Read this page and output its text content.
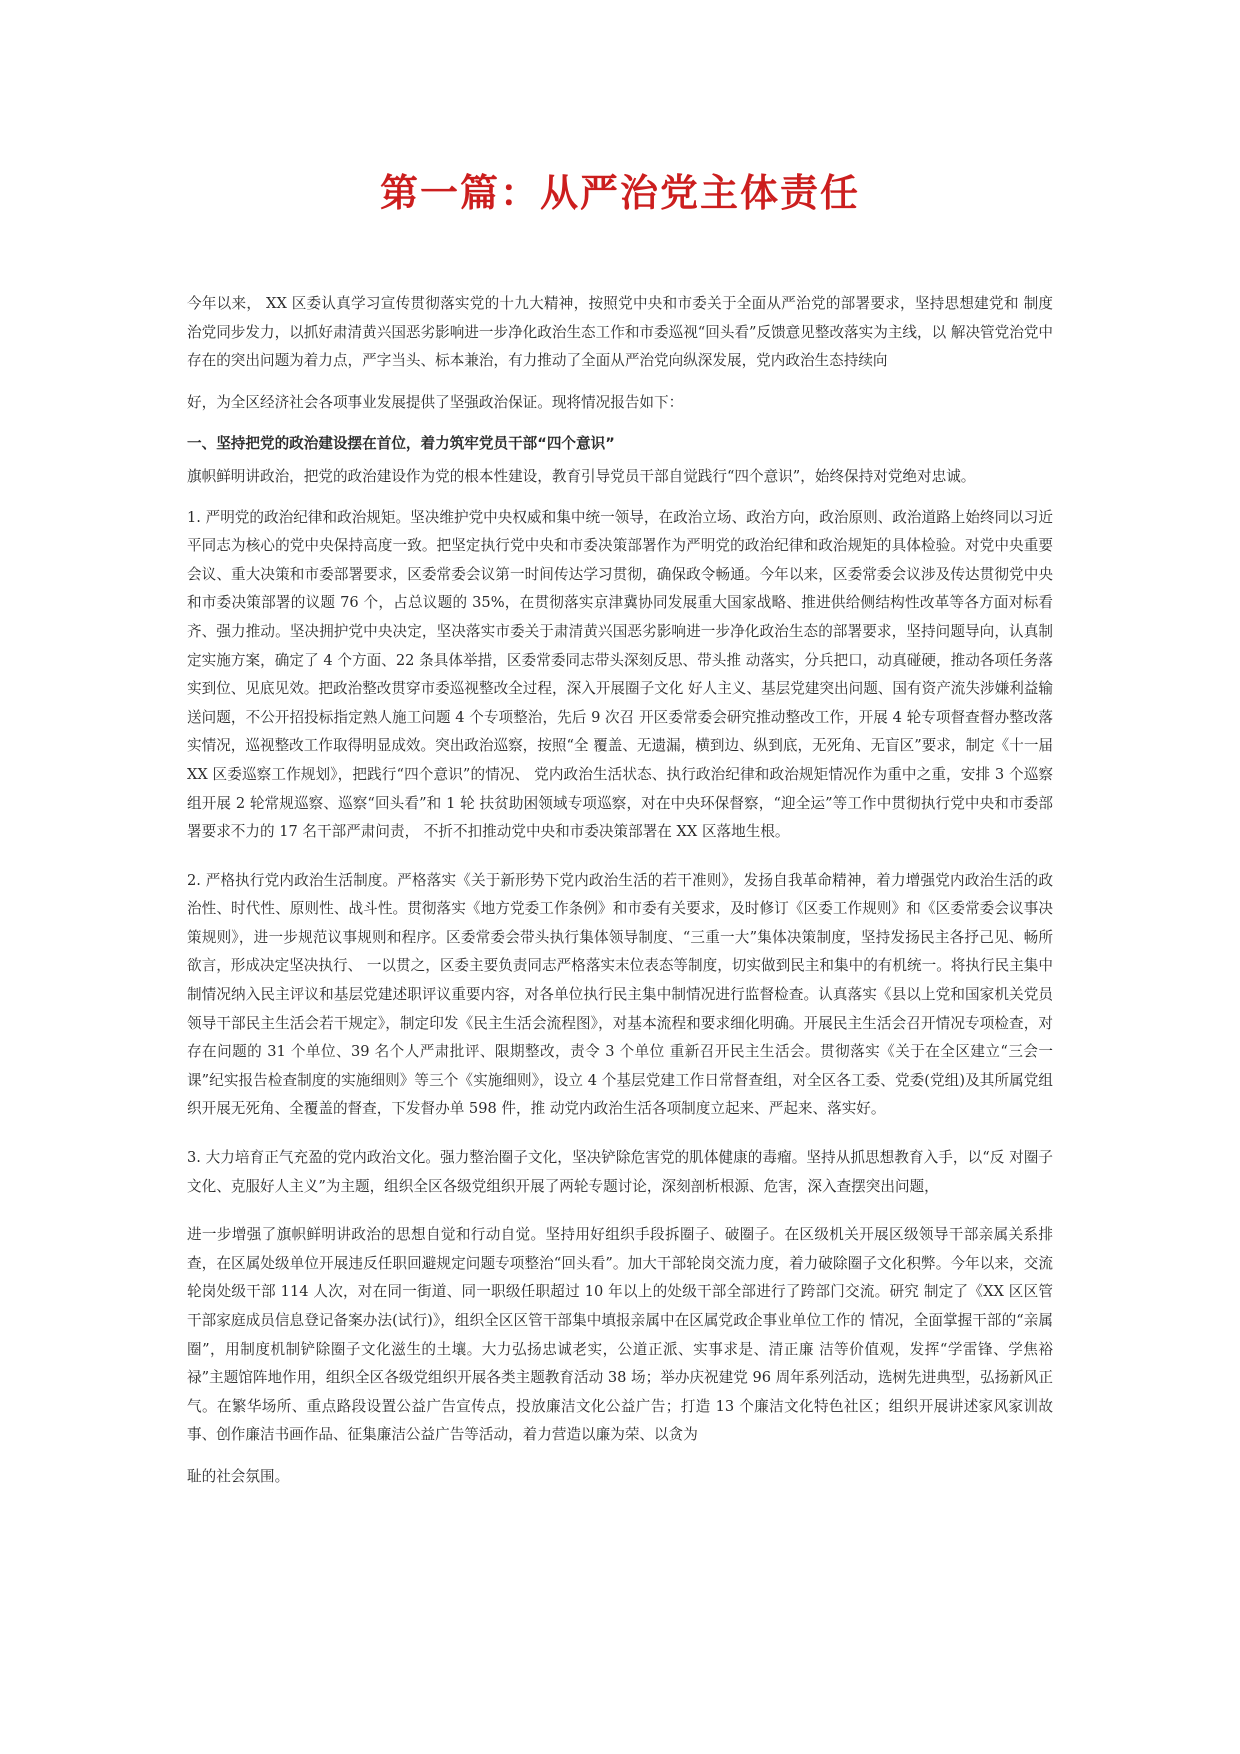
第一篇：从严治党主体责任

今年以来， XX 区委认真学习宣传贯彻落实党的十九大精神，按照党中央和市委关于全面从严治党的部署要求，坚持思想建党和 制度治党同步发力，以抓好肃清黄兴国恶劣影响进一步净化政治生态工作和市委巡视“回头看”反馈意见整改落实为主线，以 解决管党治党中存在的突出问题为着力点，严字当头、标本兼治，有力推动了全面从严治党向纵深发展，党内政治生态持续向

好，为全区经济社会各项事业发展提供了坚强政治保证。现将情况报告如下：

一、坚持把党的政治建设摆在首位，着力筑牢党员干部“四个意识”

旗帜鲜明讲政治，把党的政治建设作为党的根本性建设，教育引导党员干部自觉践行“四个意识”，始终保持对党绝对忠诚。

1. 严明党的政治纪律和政治规矩。坚决维护党中央权威和集中统一领导，在政治立场、政治方向，政治原则、政治道路上始终同以习近平同志为核心的党中央保持高度一致。把坚定执行党中央和市委决策部署作为严明党的政治纪律和政治规矩的具体检验。对党中央重要会议、重大决策和市委部署要求，区委常委会议第一时间传达学习贯彻，确保政令畅通。今年以来，区委常委会议涉及传达贯彻党中央和市委决策部署的议题 76 个，占总议题的 35%，在贯彻落实京津冀协同发展重大国家战略、推进供给侧结构性改革等各方面对标看齐、强力推动。坚决拥护党中央决定，坚决落实市委关于肃清黄兴国恶劣影响进一步净化政治生态的部署要求，坚持问题导向，认真制定实施方案，确定了 4 个方面、22 条具体举措，区委常委同志带头深刻反思、带头推 动落实，分兵把口，动真碰硬，推动各项任务落实到位、见底见效。把政治整改贯穿市委巡视整改全过程，深入开展圈子文化 好人主义、基层党建突出问题、国有资产流失涉嫌利益输送问题，不公开招投标指定熟人施工问题 4 个专项整治，先后 9 次召 开区委常委会研究推动整改工作，开展 4 轮专项督查督办整改落实情况，巡视整改工作取得明显成效。突出政治巡察，按照“全 覆盖、无遗漏，横到边、纵到底，无死角、无盲区”要求，制定《十一届 XX 区委巡察工作规划》，把践行“四个意识”的情况、 党内政治生活状态、执行政治纪律和政治规矩情况作为重中之重，安排 3 个巡察组开展 2 轮常规巡察、巡察“回头看”和 1 轮 扶贫助困领域专项巡察，对在中央环保督察，“迎全运”等工作中贯彻执行党中央和市委部署要求不力的 17 名干部严肃问责， 不折不扣推动党中央和市委决策部署在 XX 区落地生根。

2. 严格执行党内政治生活制度。严格落实《关于新形势下党内政治生活的若干准则》，发扬自我革命精神，着力增强党内政治生活的政治性、时代性、原则性、战斗性。贯彻落实《地方党委工作条例》和市委有关要求，及时修订《区委工作规则》和《区委常委会议事决策规则》，进一步规范议事规则和程序。区委常委会带头执行集体领导制度、“三重一大”集体决策制度，坚持发扬民主各抒己见、畅所欲言，形成决定坚决执行、 一以贯之，区委主要负责同志严格落实末位表态等制度，切实做到民主和集中的有机统一。将执行民主集中制情况纳入民主评议和基层党建述职评议重要内容，对各单位执行民主集中制情况进行监督检查。认真落实《县以上党和国家机关党员领导干部民主生活会若干规定》，制定印发《民主生活会流程图》，对基本流程和要求细化明确。开展民主生活会召开情况专项检查，对存在问题的 31 个单位、39 名个人严肃批评、限期整改，责令 3 个单位 重新召开民主生活会。贯彻落实《关于在全区建立“三会一课”纪实报告检查制度的实施细则》等三个《实施细则》，设立 4 个基层党建工作日常督查组，对全区各工委、党委(党组)及其所属党组织开展无死角、全覆盖的督查，下发督办单 598 件，推 动党内政治生活各项制度立起来、严起来、落实好。

3. 大力培育正气充盈的党内政治文化。强力整治圈子文化，坚决铲除危害党的肌体健康的毒瘤。坚持从抓思想教育入手，以“反 对圈子文化、克服好人主义”为主题，组织全区各级党组织开展了两轮专题讨论，深刻剖析根源、危害，深入查摆突出问题，

进一步增强了旗帜鲜明讲政治的思想自觉和行动自觉。坚持用好组织手段拆圈子、破圈子。在区级机关开展区级领导干部亲属关系排查，在区属处级单位开展违反任职回避规定问题专项整治“回头看”。加大干部轮岗交流力度，着力破除圈子文化积弊。今年以来，交流轮岗处级干部 114 人次，对在同一街道、同一职级任职超过 10 年以上的处级干部全部进行了跨部门交流。研究 制定了《XX 区区管干部家庭成员信息登记备案办法(试行)》，组织全区区管干部集中填报亲属中在区属党政企事业单位工作的 情况，全面掌握干部的“亲属圈”，用制度机制铲除圈子文化滋生的土壤。大力弘扬忠诚老实，公道正派、实事求是、清正廉 洁等价值观，发挥“学雷锋、学焦裕禄”主题馆阵地作用，组织全区各级党组织开展各类主题教育活动 38 场；举办庆祝建党 96 周年系列活动，选树先进典型，弘扬新风正气。在繁华场所、重点路段设置公益广告宣传点，投放廉洁文化公益广告；打造 13 个廉洁文化特色社区；组织开展讲述家风家训故事、创作廉洁书画作品、征集廉洁公益广告等活动，着力营造以廉为荣、以贪为

耻的社会氛围。
